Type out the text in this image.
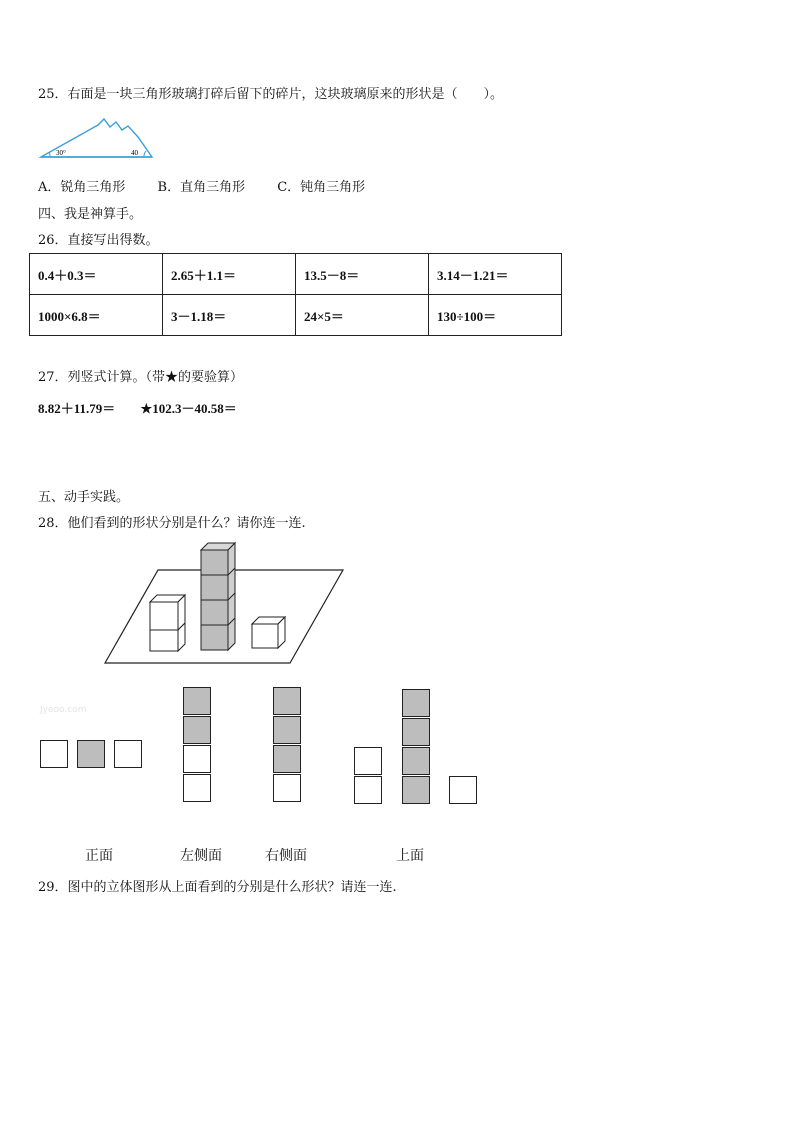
25．右面是一块三角形玻璃打碎后留下的碎片，这块玻璃原来的形状是（　　）。
30°	40
A．锐角三角形 B．直角三角形 C．钝角三角形
四、我是神算手。
26．直接写出得数。
0.4＋0.3＝	2.65＋1.1＝	13.5－8＝	3.14－1.21＝
1000×6.8＝	3－1.18＝	24×5＝	130÷100＝
27．列竖式计算。（带★的要验算）
8.82＋11.79＝ ★102.3－40.58＝
五、动手实践。
28．他们看到的形状分别是什么？请你连一连.
Jyeoo.com
正面	左侧面	右侧面	上面
29．图中的立体图形从上面看到的分别是什么形状？请连一连.
